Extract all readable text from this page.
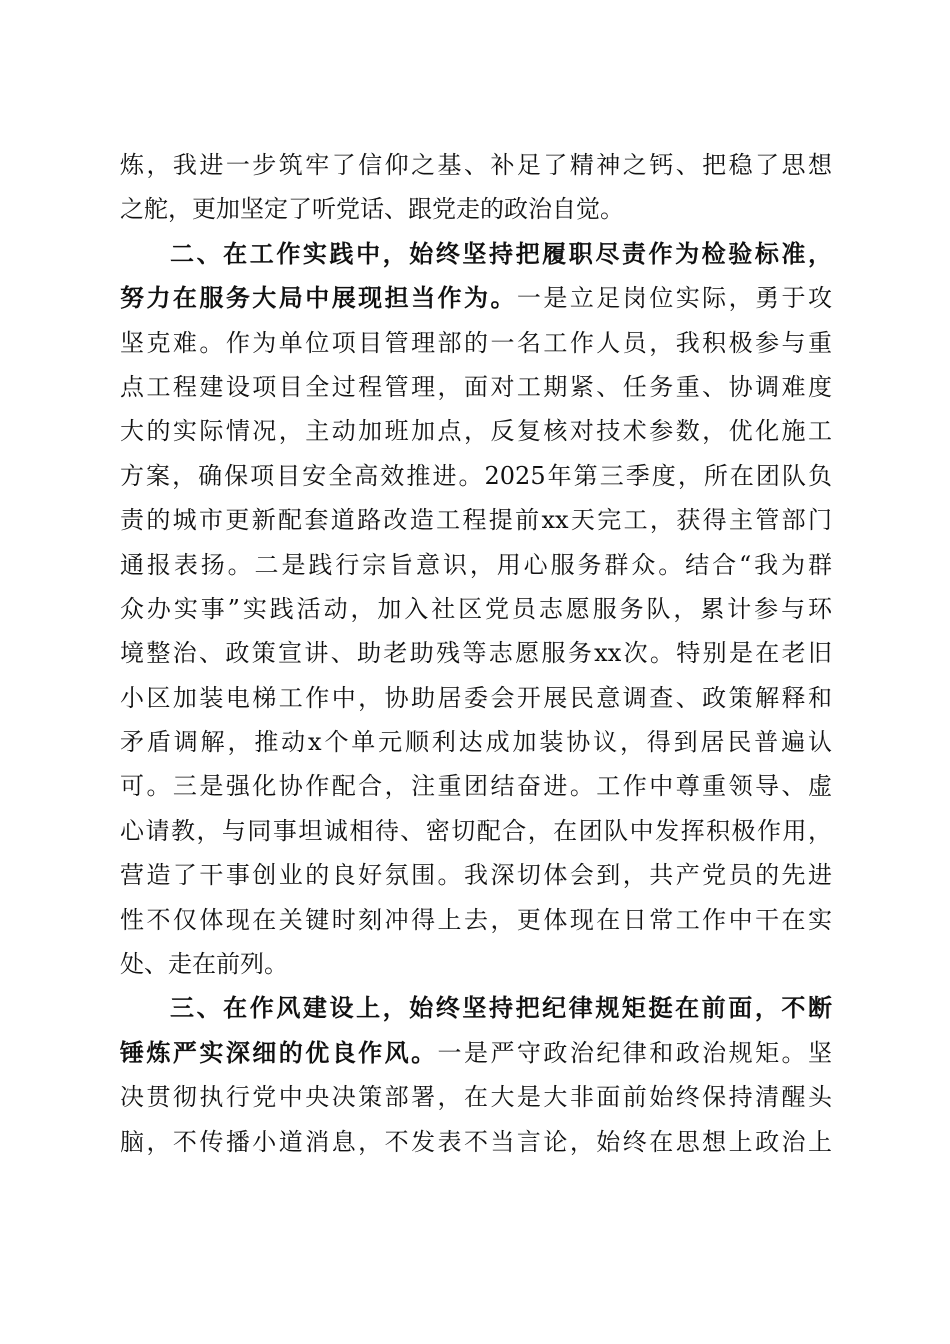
炼，我进一步筑牢了信仰之基、补足了精神之钙、把稳了思想
之舵，更加坚定了听党话、跟党走的政治自觉。
二、在工作实践中，始终坚持把履职尽责作为检验标准，
努力在服务大局中展现担当作为。一是立足岗位实际，勇于攻
坚克难。作为单位项目管理部的一名工作人员，我积极参与重
点工程建设项目全过程管理，面对工期紧、任务重、协调难度
大的实际情况，主动加班加点，反复核对技术参数，优化施工
方案，确保项目安全高效推进。2025年第三季度，所在团队负
责的城市更新配套道路改造工程提前xx天完工，获得主管部门
通报表扬。二是践行宗旨意识，用心服务群众。结合“我为群
众办实事”实践活动，加入社区党员志愿服务队，累计参与环
境整治、政策宣讲、助老助残等志愿服务xx次。特别是在老旧
小区加装电梯工作中，协助居委会开展民意调查、政策解释和
矛盾调解，推动x个单元顺利达成加装协议，得到居民普遍认
可。三是强化协作配合，注重团结奋进。工作中尊重领导、虚
心请教，与同事坦诚相待、密切配合，在团队中发挥积极作用，
营造了干事创业的良好氛围。我深切体会到，共产党员的先进
性不仅体现在关键时刻冲得上去，更体现在日常工作中干在实
处、走在前列。
三、在作风建设上，始终坚持把纪律规矩挺在前面，不断
锤炼严实深细的优良作风。一是严守政治纪律和政治规矩。坚
决贯彻执行党中央决策部署，在大是大非面前始终保持清醒头
脑，不传播小道消息，不发表不当言论，始终在思想上政治上
